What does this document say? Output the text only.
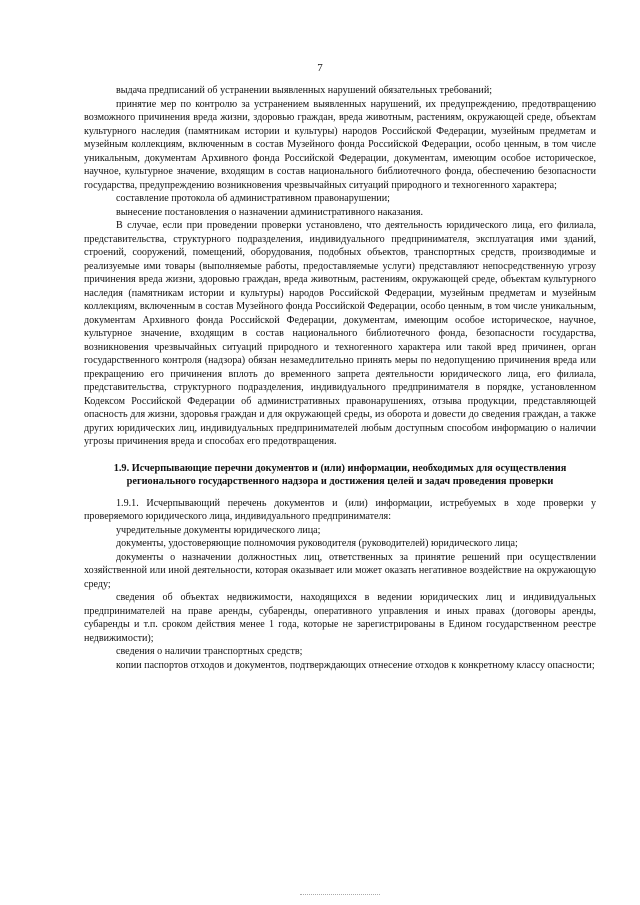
7

выдача предписаний об устранении выявленных нарушений обязательных требований;

принятие мер по контролю за устранением выявленных нарушений, их предупреждению, предотвращению возможного причинения вреда жизни, здоровью граждан, вреда животным, растениям, окружающей среде, объектам культурного наследия (памятникам истории и культуры) народов Российской Федерации, музейным предметам и музейным коллекциям, включенным в состав Музейного фонда Российской Федерации, особо ценным, в том числе уникальным, документам Архивного фонда Российской Федерации, документам, имеющим особое историческое, научное, культурное значение, входящим в состав национального библиотечного фонда, обеспечению безопасности государства, предупреждению возникновения чрезвычайных ситуаций природного и техногенного характера;

составление протокола об административном правонарушении;

вынесение постановления о назначении административного наказания.

В случае, если при проведении проверки установлено, что деятельность юридического лица, его филиала, представительства, структурного подразделения, индивидуального предпринимателя, эксплуатация ими зданий, строений, сооружений, помещений, оборудования, подобных объектов, транспортных средств, производимые и реализуемые ими товары (выполняемые работы, предоставляемые услуги) представляют непосредственную угрозу причинения вреда жизни, здоровью граждан, вреда животным, растениям, окружающей среде, объектам культурного наследия (памятникам истории и культуры) народов Российской Федерации, музейным предметам и музейным коллекциям, включенным в состав Музейного фонда Российской Федерации, особо ценным, в том числе уникальным, документам Архивного фонда Российской Федерации, документам, имеющим особое историческое, научное, культурное значение, входящим в состав национального библиотечного фонда, безопасности государства, возникновения чрезвычайных ситуаций природного и техногенного характера или такой вред причинен, орган государственного контроля (надзора) обязан незамедлительно принять меры по недопущению причинения вреда или прекращению его причинения вплоть до временного запрета деятельности юридического лица, его филиала, представительства, структурного подразделения, индивидуального предпринимателя в порядке, установленном Кодексом Российской Федерации об административных правонарушениях, отзыва продукции, представляющей опасность для жизни, здоровья граждан и для окружающей среды, из оборота и довести до сведения граждан, а также других юридических лиц, индивидуальных предпринимателей любым доступным способом информацию о наличии угрозы причинения вреда и способах его предотвращения.

1.9. Исчерпывающие перечни документов и (или) информации, необходимых для осуществления регионального государственного надзора и достижения целей и задач проведения проверки

1.9.1. Исчерпывающий перечень документов и (или) информации, истребуемых в ходе проверки у проверяемого юридического лица, индивидуального предпринимателя:

учредительные документы юридического лица;

документы, удостоверяющие полномочия руководителя (руководителей) юридического лица;

документы о назначении должностных лиц, ответственных за принятие решений при осуществлении хозяйственной или иной деятельности, которая оказывает или может оказать негативное воздействие на окружающую среду;

сведения об объектах недвижимости, находящихся в ведении юридических лиц и индивидуальных предпринимателей на праве аренды, субаренды, оперативного управления и иных правах (договоры аренды, субаренды и т.п. сроком действия менее 1 года, которые не зарегистрированы в Едином государственном реестре недвижимости);

сведения о наличии транспортных средств;

копии паспортов отходов и документов, подтверждающих отнесение отходов к конкретному классу опасности;
